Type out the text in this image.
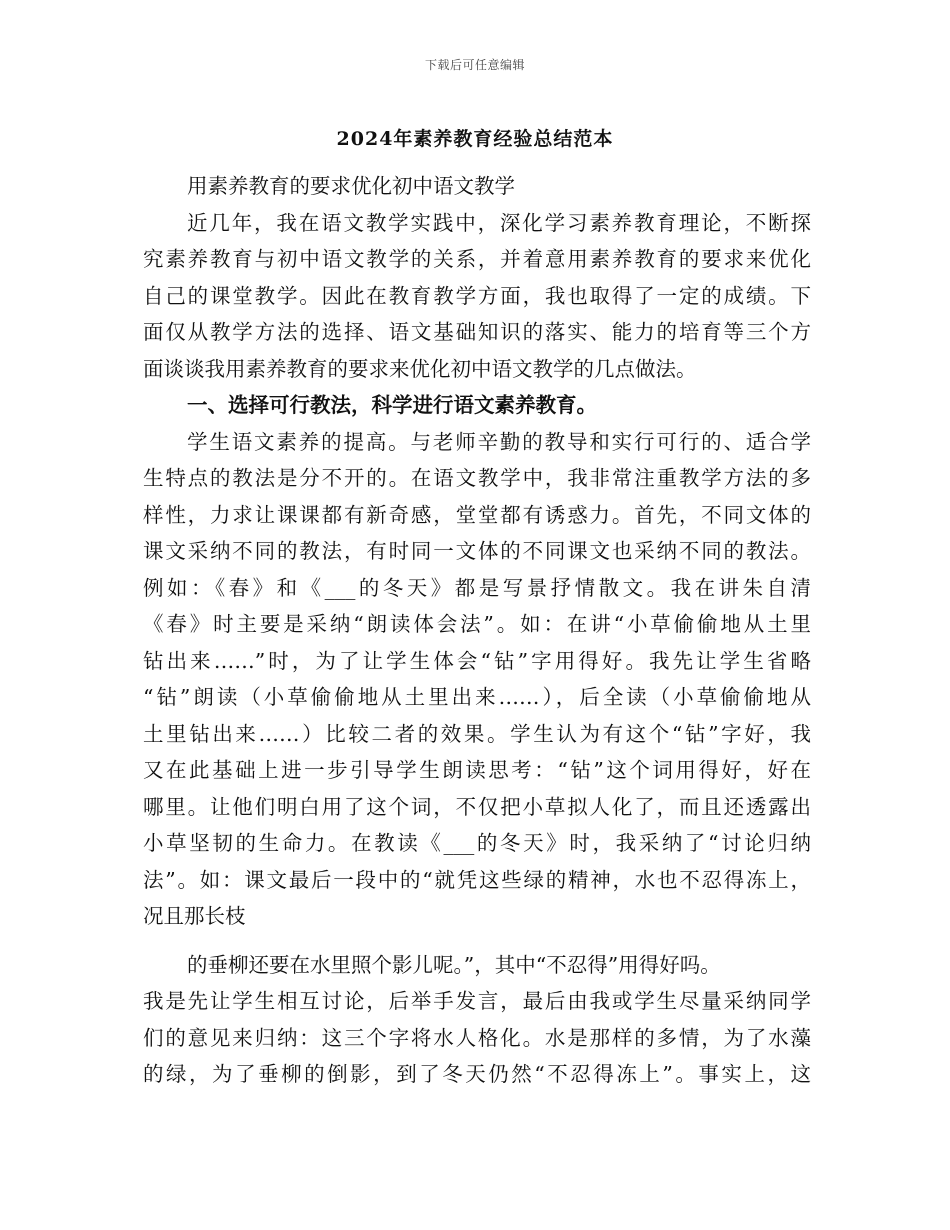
下载后可任意编辑
2024年素养教育经验总结范本
用素养教育的要求优化初中语文教学
近几年，我在语文教学实践中，深化学习素养教育理论，不断探
究素养教育与初中语文教学的关系，并着意用素养教育的要求来优化
自己的课堂教学。因此在教育教学方面，我也取得了一定的成绩。下
面仅从教学方法的选择、语文基础知识的落实、能力的培育等三个方
面谈谈我用素养教育的要求来优化初中语文教学的几点做法。
一、选择可行教法，科学进行语文素养教育。
学生语文素养的提高。与老师辛勤的教导和实行可行的、适合学
生特点的教法是分不开的。在语文教学中，我非常注重教学方法的多
样性，力求让课课都有新奇感，堂堂都有诱惑力。首先，不同文体的
课文采纳不同的教法，有时同一文体的不同课文也采纳不同的教法。
例如：《春》和《___的冬天》都是写景抒情散文。我在讲朱自清
《春》时主要是采纳“朗读体会法”。如：在讲“小草偷偷地从土里
钻出来……”时，为了让学生体会“钻”字用得好。我先让学生省略
“钻”朗读（小草偷偷地从土里出来……），后全读（小草偷偷地从
土里钻出来……）比较二者的效果。学生认为有这个“钻”字好，我
又在此基础上进一步引导学生朗读思考：“钻”这个词用得好，好在
哪里。让他们明白用了这个词，不仅把小草拟人化了，而且还透露出
小草坚韧的生命力。在教读《___的冬天》时，我采纳了“讨论归纳
法”。如：课文最后一段中的“就凭这些绿的精神，水也不忍得冻上，
况且那长枝
的垂柳还要在水里照个影儿呢。”，其中“不忍得”用得好吗。
我是先让学生相互讨论，后举手发言，最后由我或学生尽量采纳同学
们的意见来归纳：这三个字将水人格化。水是那样的多情，为了水藻
的绿，为了垂柳的倒影，到了冬天仍然“不忍得冻上”。事实上，这
